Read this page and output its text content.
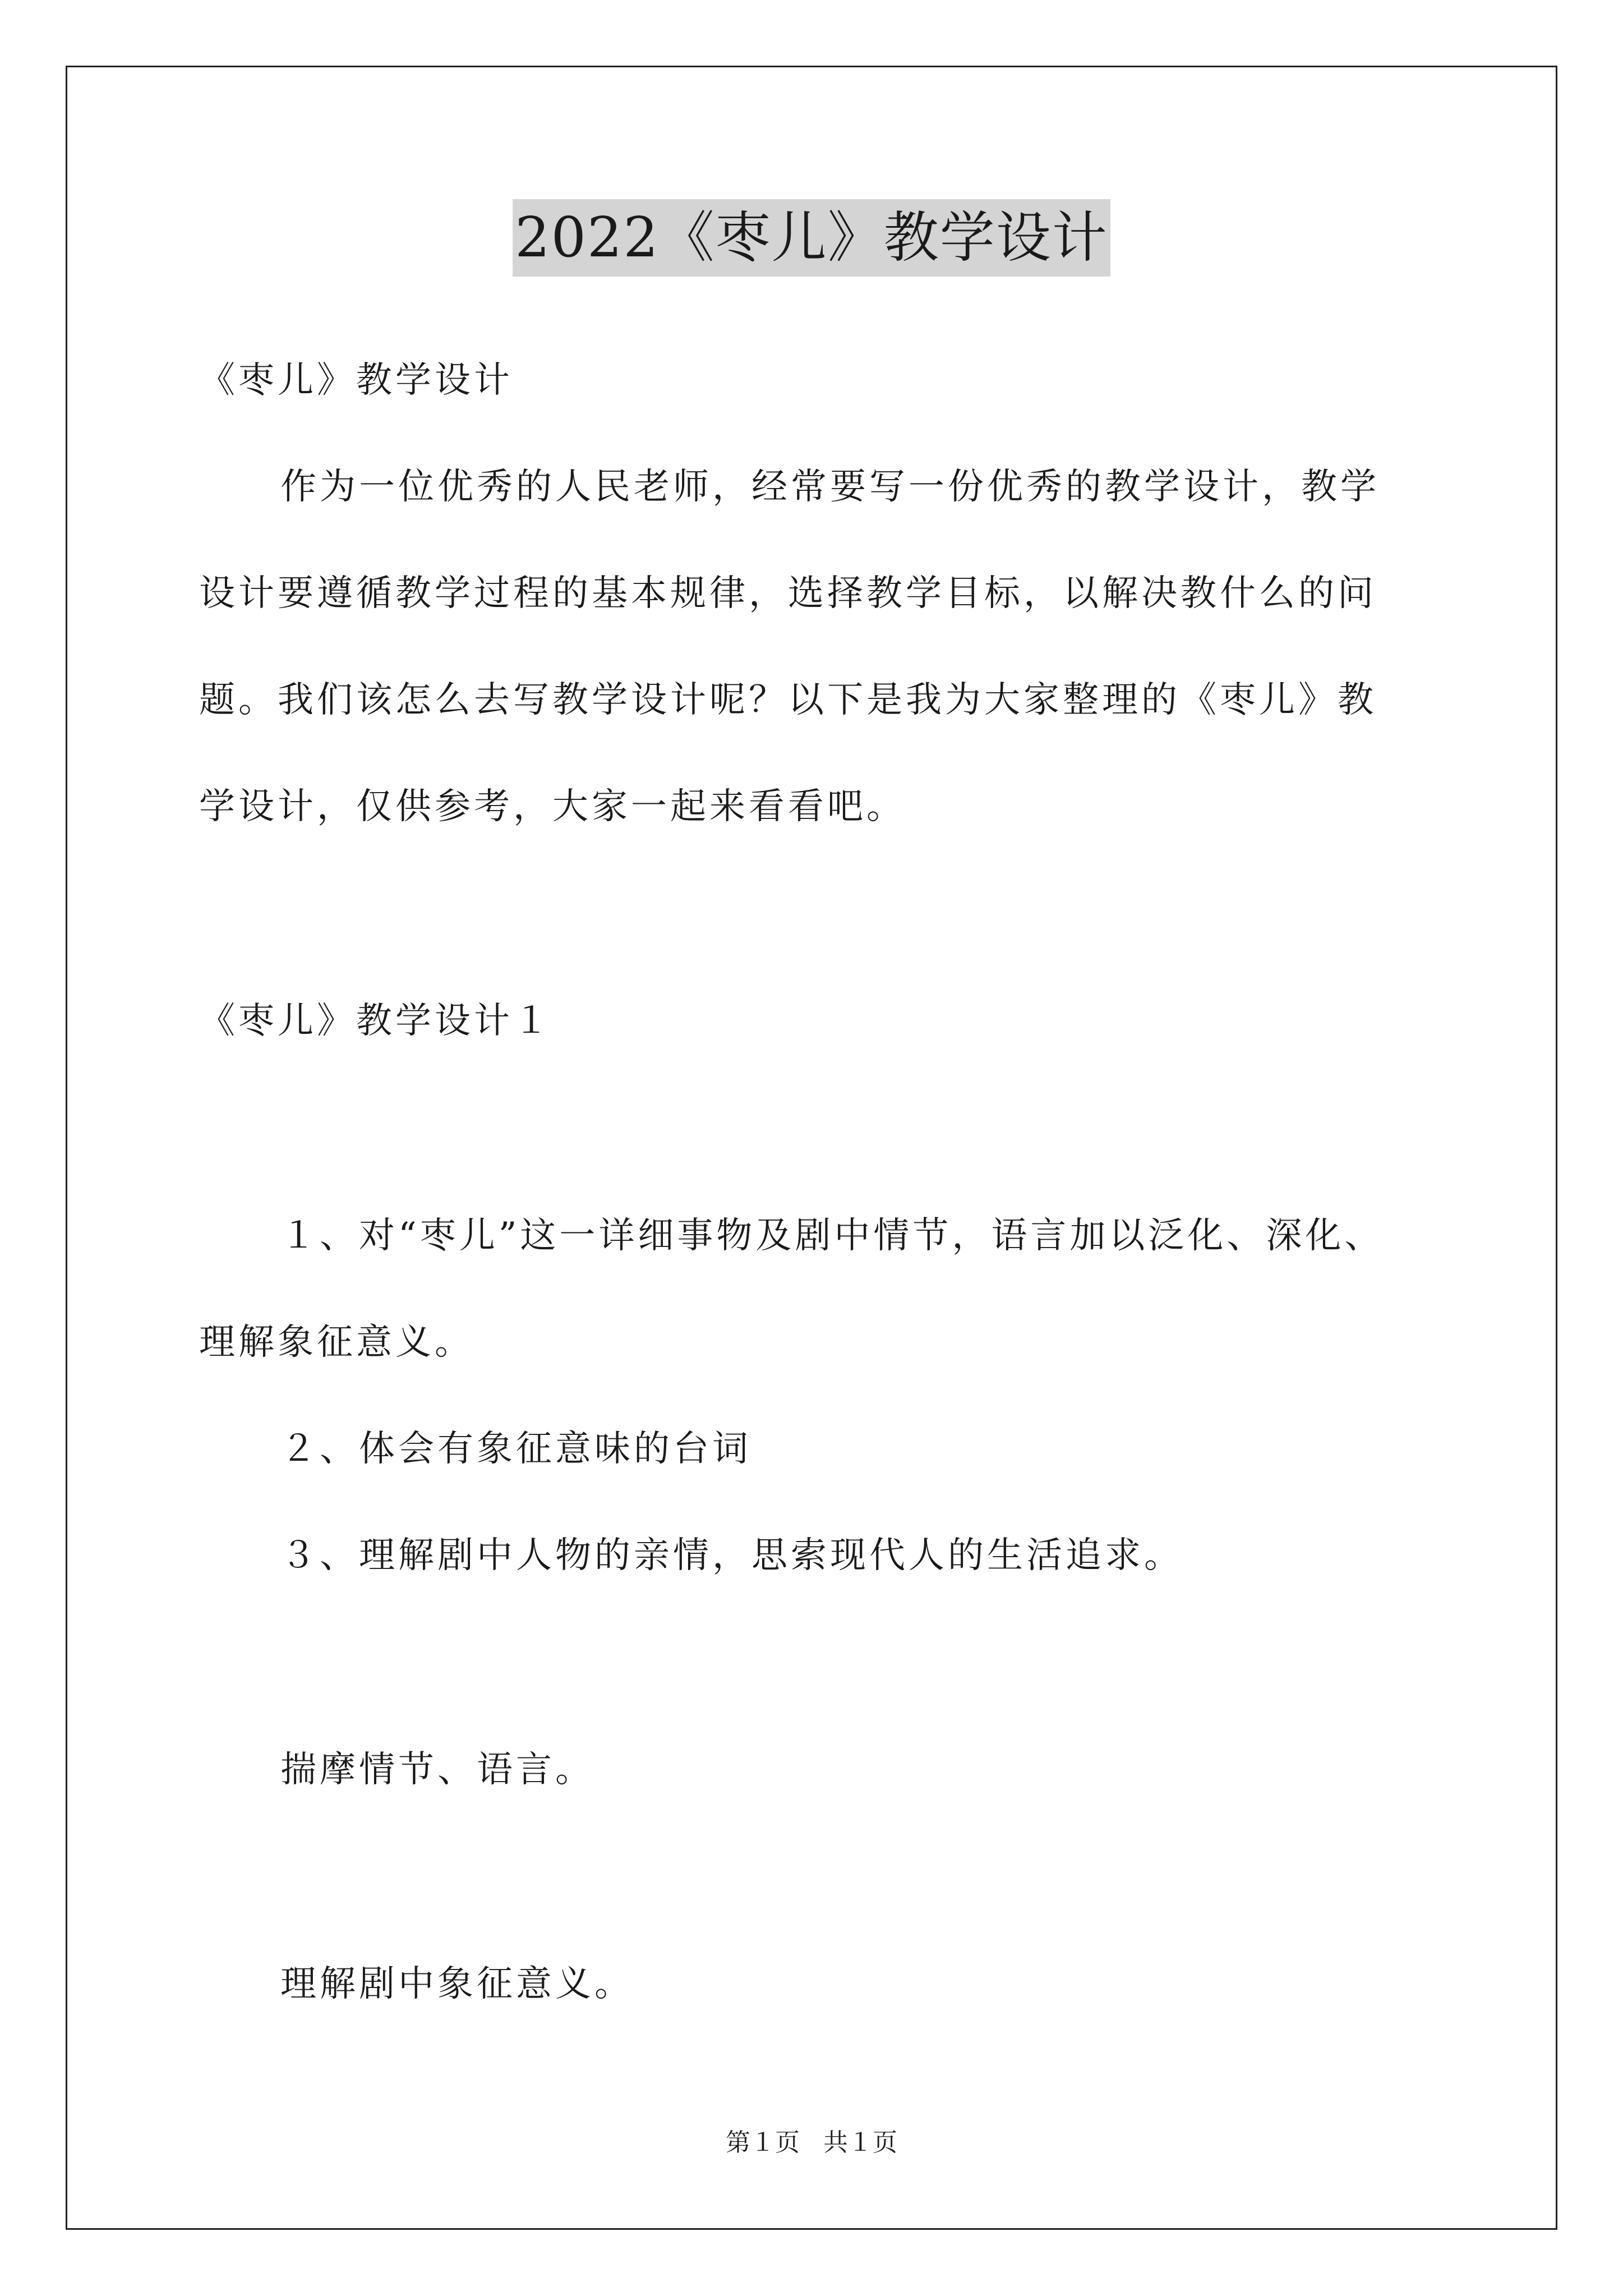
2022《枣儿》教学设计
《枣儿》教学设计
作为一位优秀的人民老师，经常要写一份优秀的教学设计，教学
设计要遵循教学过程的基本规律，选择教学目标，以解决教什么的问
题。我们该怎么去写教学设计呢？以下是我为大家整理的《枣儿》教
学设计，仅供参考，大家一起来看看吧。
《枣儿》教学设计１
１、对“枣儿”这一详细事物及剧中情节，语言加以泛化、深化、
理解象征意义。
２、体会有象征意味的台词
３、理解剧中人物的亲情，思索现代人的生活追求。
揣摩情节、语言。
理解剧中象征意义。
第１页   共１页
